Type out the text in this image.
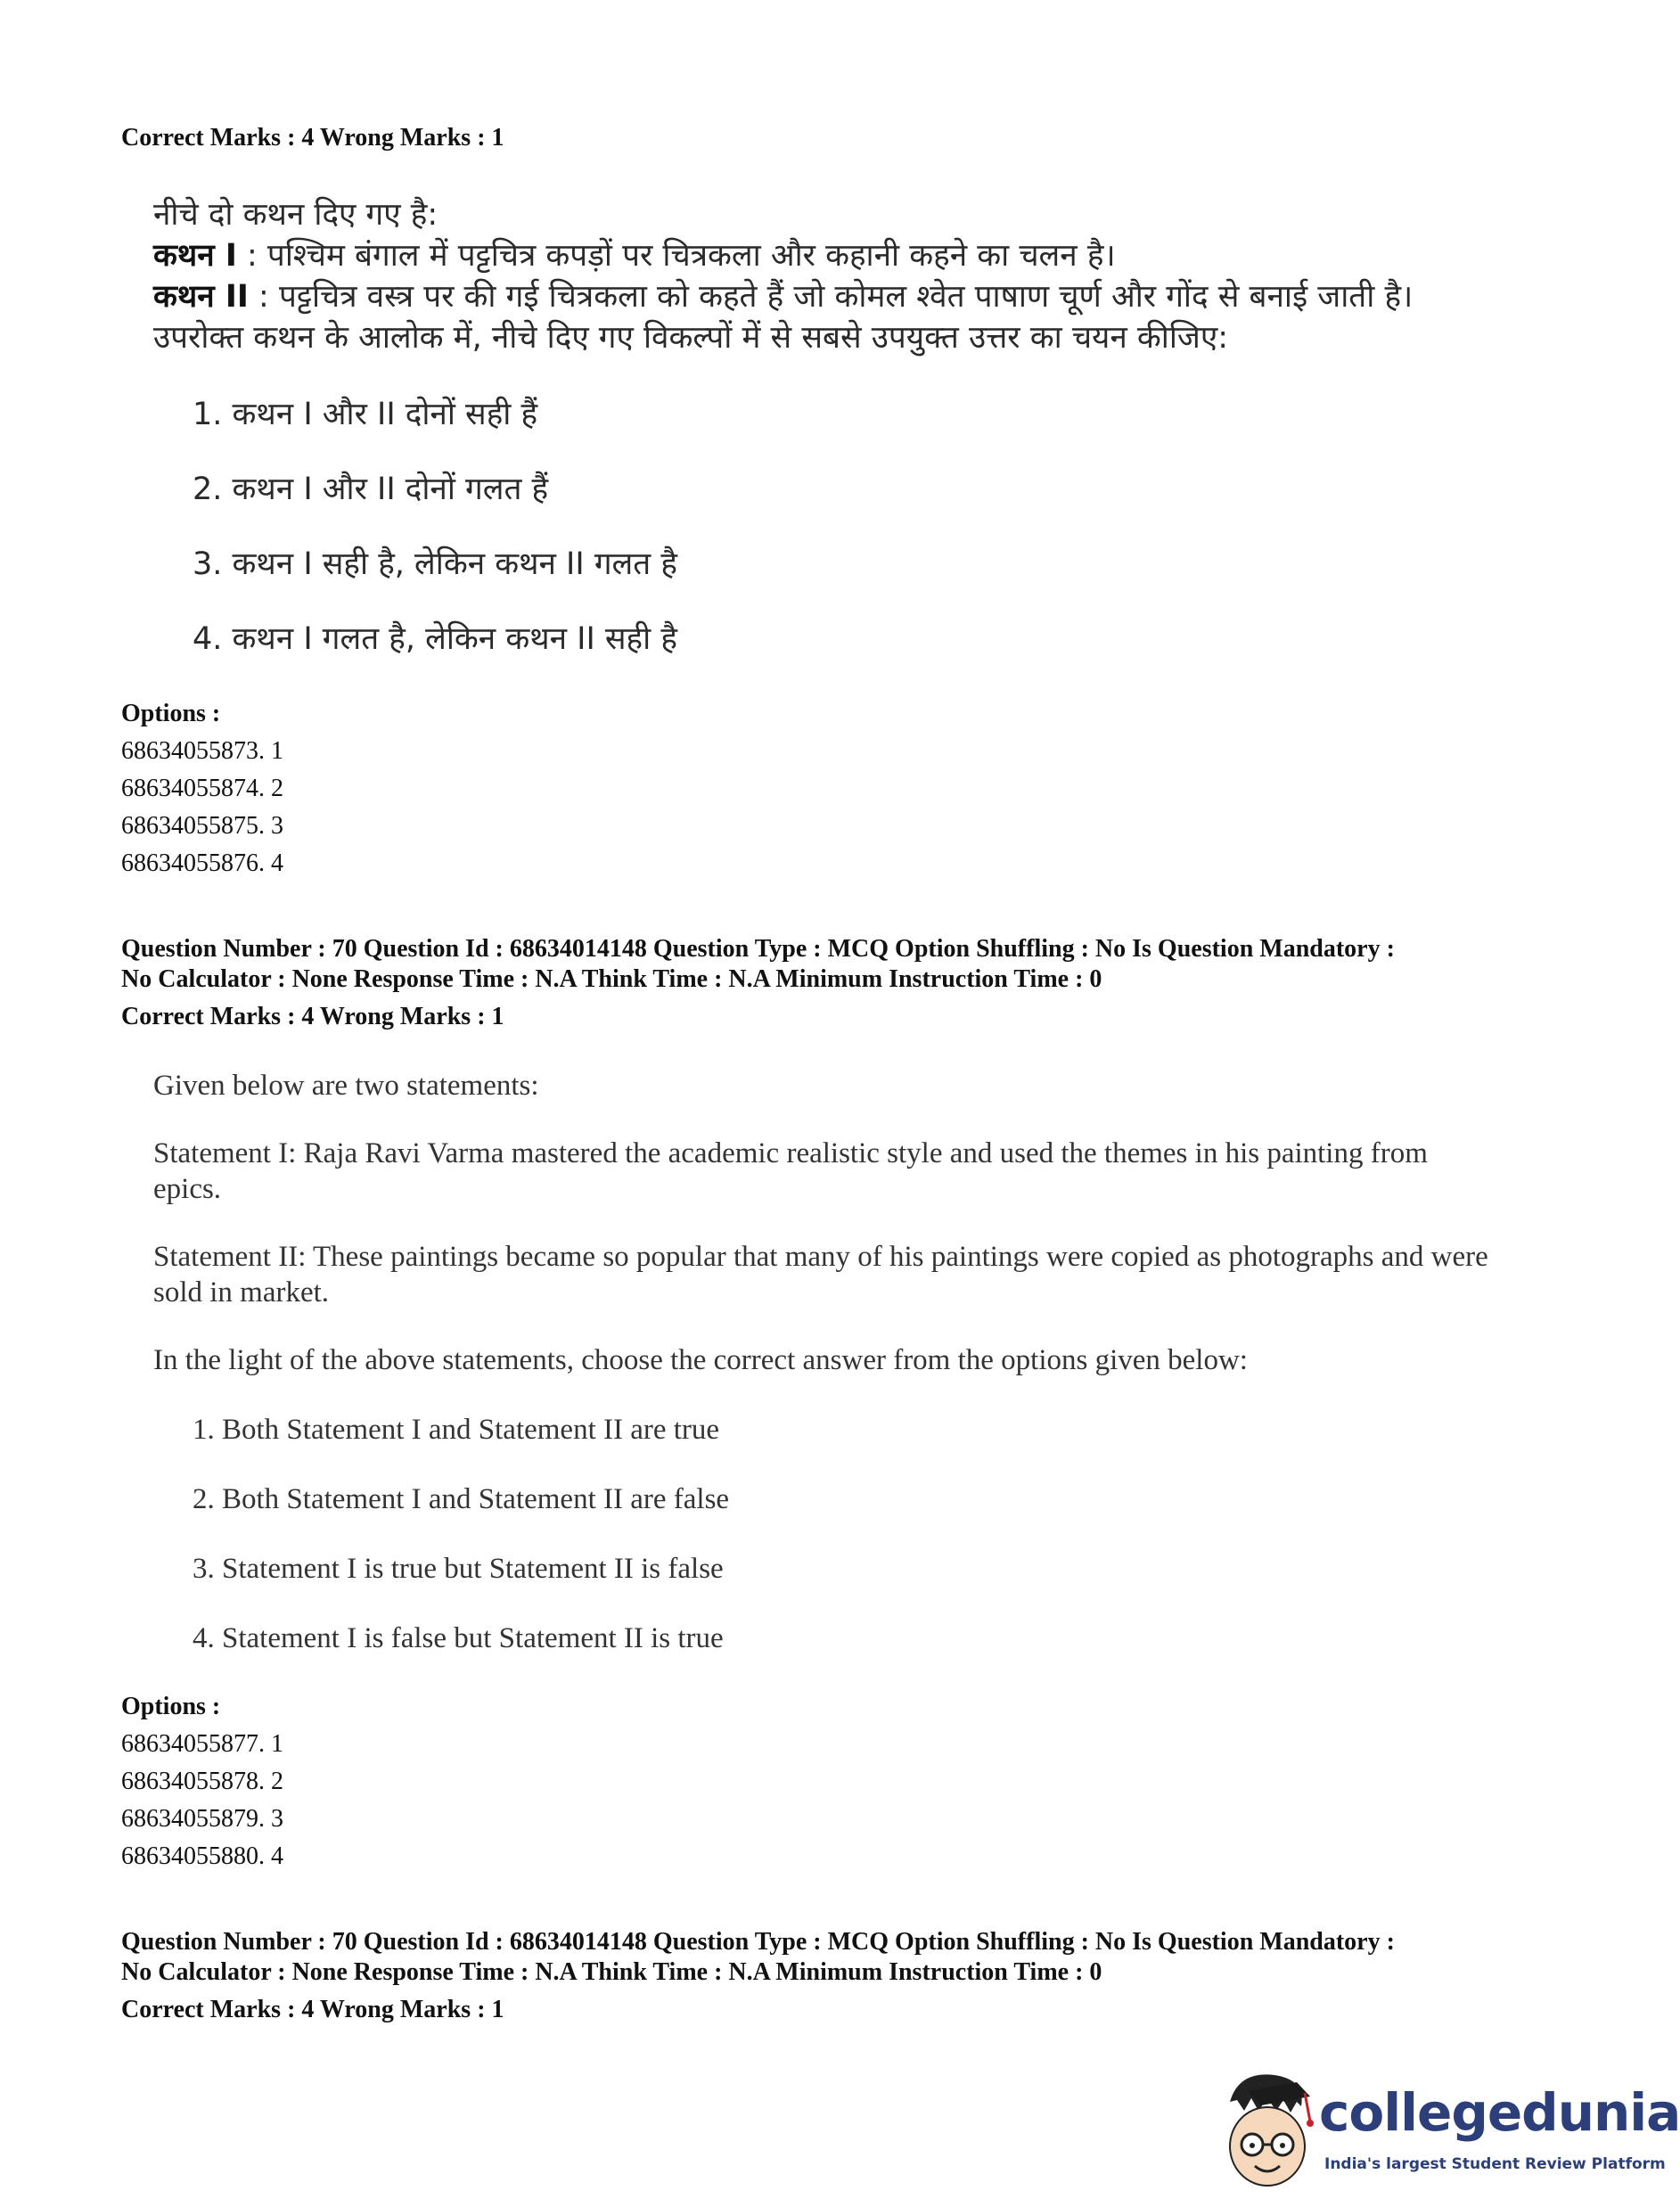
Correct Marks : 4 Wrong Marks : 1

नीचे दो कथन दिए गए है:

कथन I : पश्चिम बंगाल में पट्टचित्र कपड़ों पर चित्रकला और कहानी कहने का चलन है।

कथन II : पट्टचित्र वस्त्र पर की गई चित्रकला को कहते हैं जो कोमल श्वेत पाषाण चूर्ण और गोंद से बनाई जाती है।

उपरोक्त कथन के आलोक में, नीचे दिए गए विकल्पों में से सबसे उपयुक्त उत्तर का चयन कीजिए:

1. कथन I और II दोनों सही हैं

2. कथन I और II दोनों गलत हैं

3. कथन I सही है, लेकिन कथन II गलत है

4. कथन I गलत है, लेकिन कथन II सही है

Options :

68634055873. 1

68634055874. 2

68634055875. 3

68634055876. 4

Question Number : 70 Question Id : 68634014148 Question Type : MCQ Option Shuffling : No Is Question Mandatory :

No Calculator : None Response Time : N.A Think Time : N.A Minimum Instruction Time : 0

Correct Marks : 4 Wrong Marks : 1

Given below are two statements:

Statement I: Raja Ravi Varma mastered the academic realistic style and used the themes in his painting from epics.

Statement II: These paintings became so popular that many of his paintings were copied as photographs and were sold in market.

In the light of the above statements, choose the correct answer from the options given below:

1. Both Statement I and Statement II are true

2. Both Statement I and Statement II are false

3. Statement I is true but Statement II is false

4. Statement I is false but Statement II is true

Options :

68634055877. 1

68634055878. 2

68634055879. 3

68634055880. 4

Question Number : 70 Question Id : 68634014148 Question Type : MCQ Option Shuffling : No Is Question Mandatory :

No Calculator : None Response Time : N.A Think Time : N.A Minimum Instruction Time : 0

Correct Marks : 4 Wrong Marks : 1

collegedunia
India's largest Student Review Platform
